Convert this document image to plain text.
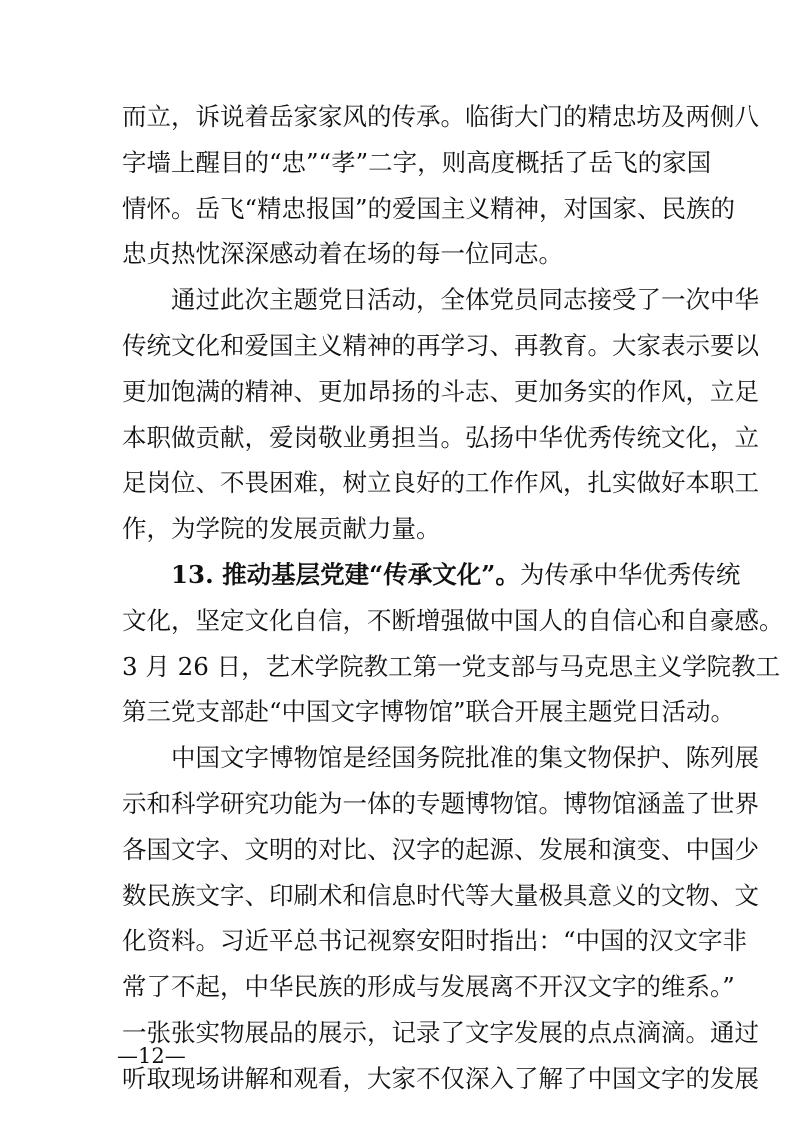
而立，诉说着岳家家风的传承。临街大门的精忠坊及两侧八
字墙上醒目的“忠”“孝”二字，则高度概括了岳飞的家国
情怀。岳飞“精忠报国”的爱国主义精神，对国家、民族的
忠贞热忱深深感动着在场的每一位同志。
通过此次主题党日活动，全体党员同志接受了一次中华
传统文化和爱国主义精神的再学习、再教育。大家表示要以
更加饱满的精神、更加昂扬的斗志、更加务实的作风，立足
本职做贡献，爱岗敬业勇担当。弘扬中华优秀传统文化，立
足岗位、不畏困难，树立良好的工作作风，扎实做好本职工
作，为学院的发展贡献力量。
13. 推动基层党建“传承文化”。为传承中华优秀传统
文化，坚定文化自信，不断增强做中国人的自信心和自豪感。
3 月 26 日，艺术学院教工第一党支部与马克思主义学院教工
第三党支部赴“中国文字博物馆”联合开展主题党日活动。
中国文字博物馆是经国务院批准的集文物保护、陈列展
示和科学研究功能为一体的专题博物馆。博物馆涵盖了世界
各国文字、文明的对比、汉字的起源、发展和演变、中国少
数民族文字、印刷术和信息时代等大量极具意义的文物、文
化资料。习近平总书记视察安阳时指出：“中国的汉文字非
常了不起，中华民族的形成与发展离不开汉文字的维系。”
一张张实物展品的展示，记录了文字发展的点点滴滴。通过
听取现场讲解和观看，大家不仅深入了解了中国文字的发展
—12—
